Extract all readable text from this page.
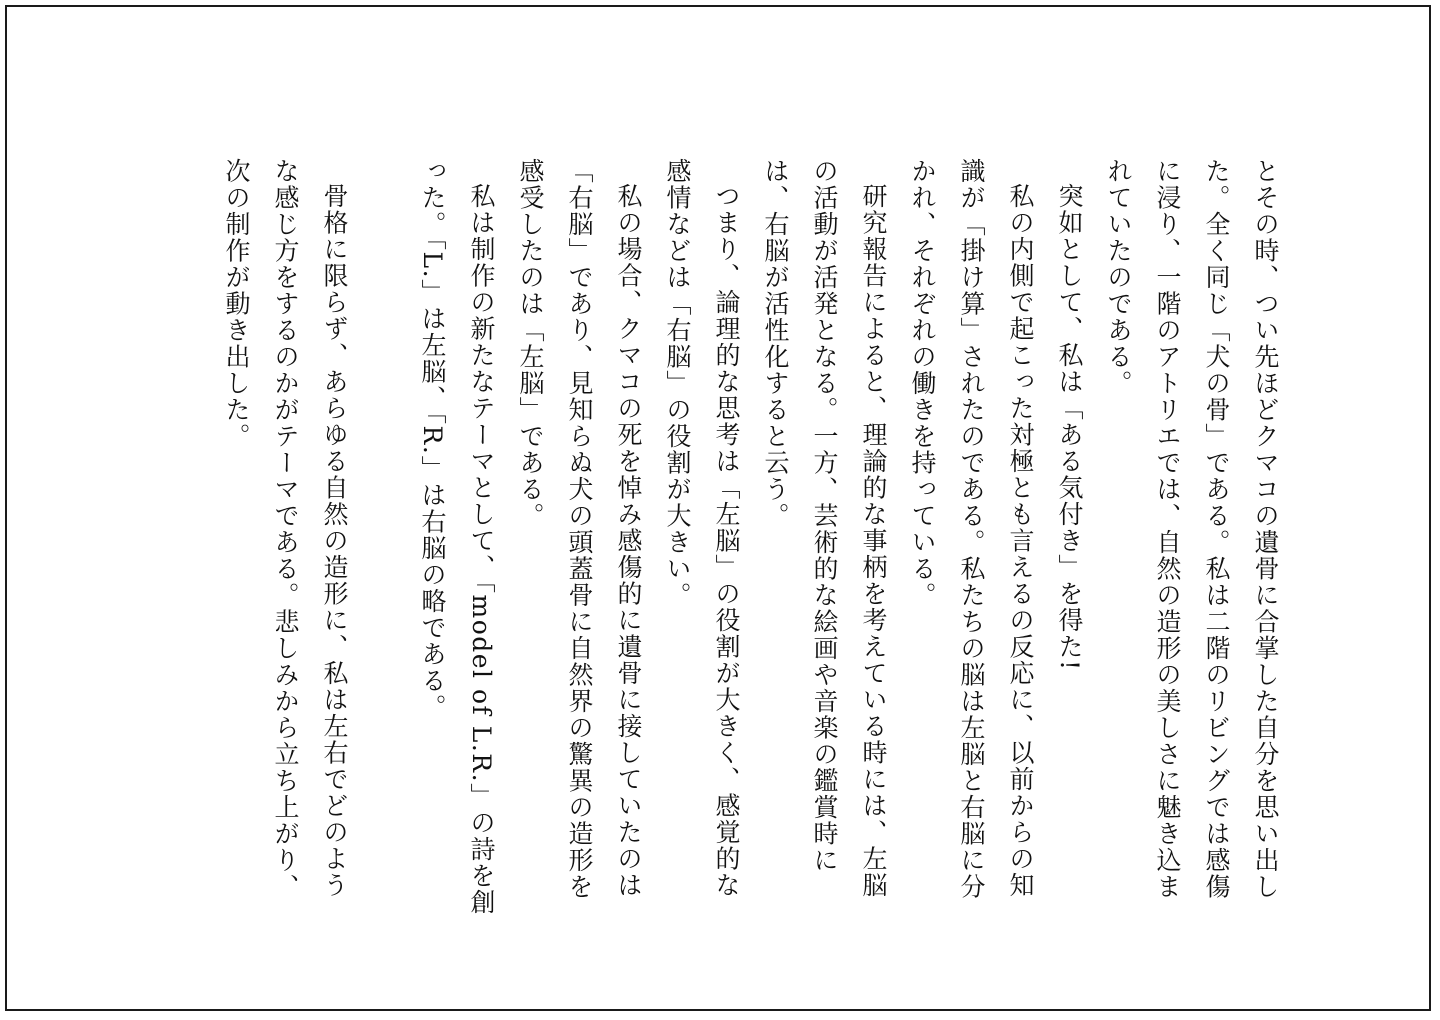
とその時、つい先ほどクマコの遺骨に合掌した自分を思い出した。全く同じ「犬の骨」である。私は二階のリビングでは感傷に浸り、一階のアトリエでは、自然の造形の美しさに魅き込まれていたのである。

突如として、私は「ある気付き」を得た!

私の内側で起こった対極とも言えるの反応に、以前からの知識が「掛け算」されたのである。私たちの脳は左脳と右脳に分かれ、それぞれの働きを持っている。

研究報告によると、理論的な事柄を考えている時には、左脳の活動が活発となる。一方、芸術的な絵画や音楽の鑑賞時には、右脳が活性化すると云う。

つまり、論理的な思考は「左脳」の役割が大きく、感覚的な感情などは「右脳」の役割が大きい。

私の場合、クマコの死を悼み感傷的に遺骨に接していたのは「右脳」であり、見知らぬ犬の頭蓋骨に自然界の驚異の造形を感受したのは「左脳」である。

私は制作の新たなテーマとして、「model of L.R.」の詩を創った。「L.」は左脳、「R.」は右脳の略である。

骨格に限らず、あらゆる自然の造形に、私は左右でどのような感じ方をするのかがテーマである。悲しみから立ち上がり、次の制作が動き出した。
